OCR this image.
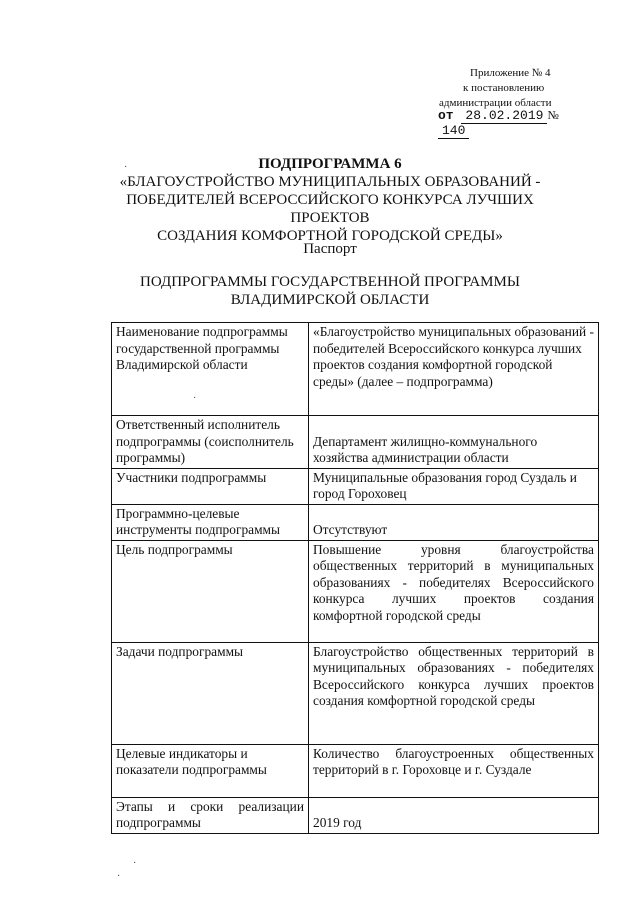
Приложение № 4
к постановлению
администрации области
от 28.02.2019 № 140
ПОДПРОГРАММА 6
«БЛАГОУСТРОЙСТВО МУНИЦИПАЛЬНЫХ ОБРАЗОВАНИЙ -
ПОБЕДИТЕЛЕЙ ВСЕРОССИЙСКОГО КОНКУРСА ЛУЧШИХ ПРОЕКТОВ
СОЗДАНИЯ КОМФОРТНОЙ ГОРОДСКОЙ СРЕДЫ»
Паспорт
ПОДПРОГРАММЫ ГОСУДАРСТВЕННОЙ ПРОГРАММЫ
ВЛАДИМИРСКОЙ ОБЛАСТИ
Наименование подпрограммы государственной программы Владимирской области	«Благоустройство муниципальных образований - победителей Всероссийского конкурса лучших проектов создания комфортной городской среды» (далее – подпрограмма)
Ответственный исполнитель подпрограммы (соисполнитель программы)	Департамент жилищно-коммунального хозяйства администрации области
Участники подпрограммы	Муниципальные образования город Суздаль и город Гороховец
Программно-целевые инструменты подпрограммы	Отсутствуют
Цель подпрограммы	Повышение уровня благоустройства общественных территорий в муниципальных образованиях - победителях Всероссийского конкурса лучших проектов создания комфортной городской среды
Задачи подпрограммы	Благоустройство общественных территорий в муниципальных образованиях - победителях Всероссийского конкурса лучших проектов создания комфортной городской среды
Целевые индикаторы и показатели подпрограммы	Количество благоустроенных общественных территорий в г. Гороховце и г. Суздале
Этапы и сроки реализации подпрограммы	2019 год
·
·
·
·
